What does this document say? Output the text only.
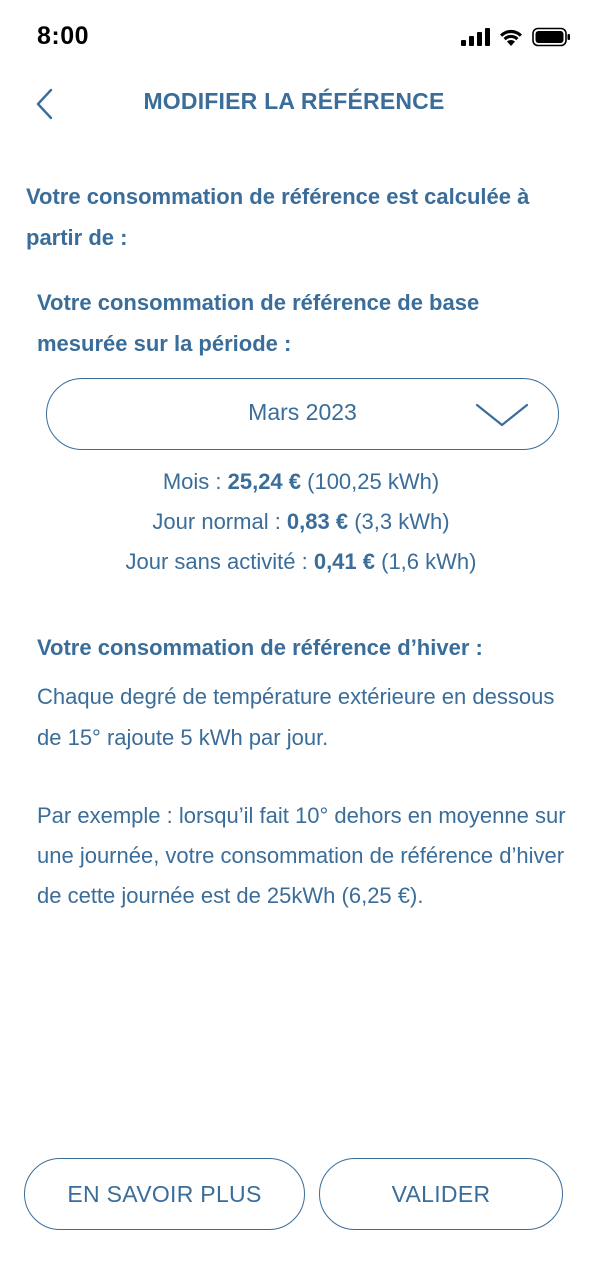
8:00
MODIFIER LA RÉFÉRENCE
Votre consommation de référence est calculée à partir de :
Votre consommation de référence de base mesurée sur la période :
Mars 2023
Mois : 25,24 € (100,25 kWh)
Jour normal : 0,83 € (3,3 kWh)
Jour sans activité : 0,41 € (1,6 kWh)
Votre consommation de référence d’hiver :
Chaque degré de température extérieure en dessous de 15° rajoute 5 kWh par jour.
Par exemple : lorsqu’il fait 10° dehors en moyenne sur une journée, votre consommation de référence d’hiver de cette journée est de 25kWh (6,25 €).
EN SAVOIR PLUS	VALIDER
